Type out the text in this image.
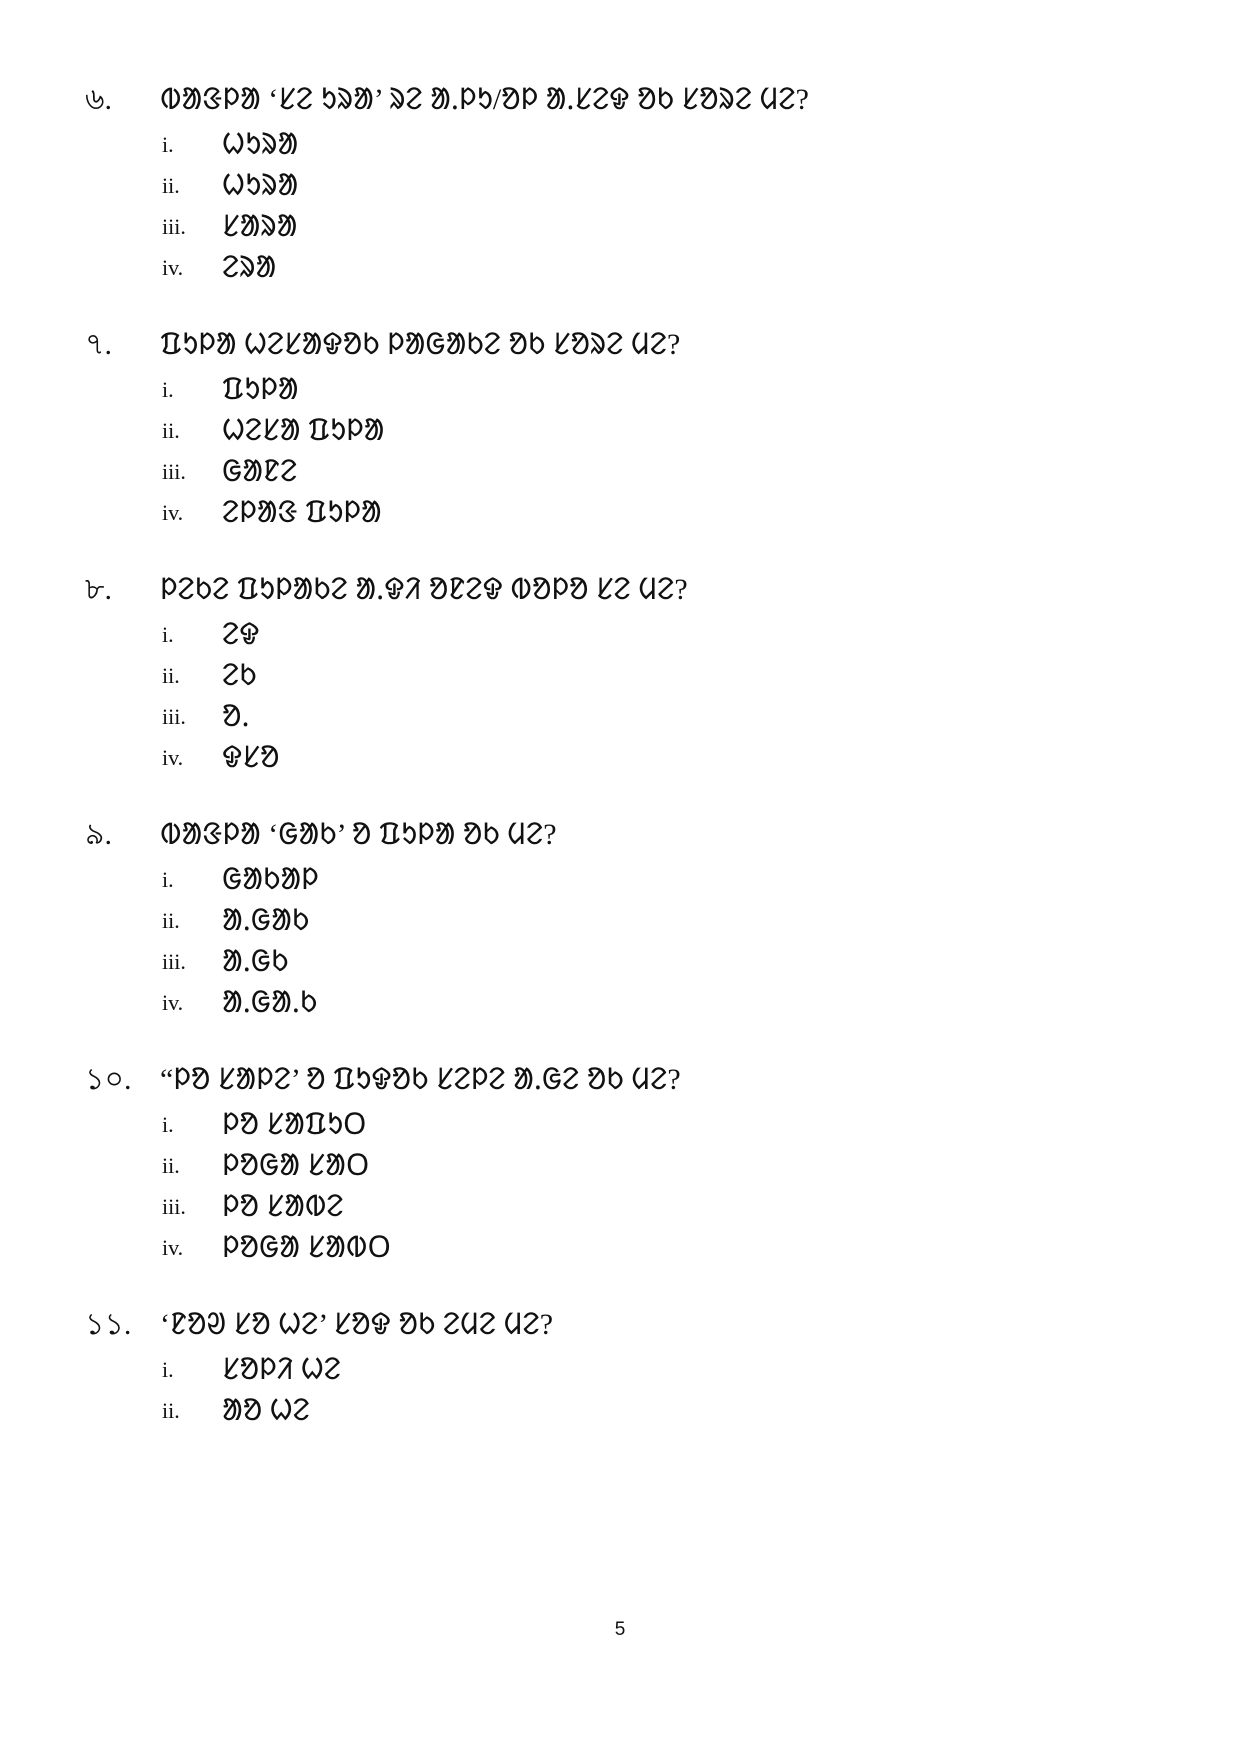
৬. ᱵᱟᱝᱞᱟ ‘ᱥᱮ ᱩᱨᱟ’ ᱨᱮ ᱟᱹᱞᱩ/ᱚᱞ ᱟᱹᱥᱮᱫ ᱚᱠ ᱥᱚᱨᱮ ᱢᱮ?
i. ᱦᱩᱨᱟ
ii. ᱦᱩᱨᱟ
iii. ᱥᱟᱨᱟ
iv. ᱮᱨᱟ
৭. ᱯᱩᱞᱟ ᱦᱮᱥᱟᱫᱚᱠ ᱞᱟᱜᱟᱠᱮ ᱚᱠ ᱥᱚᱨᱮ ᱢᱮ?
i. ᱯᱩᱞᱟ
ii. ᱦᱮᱥᱟ ᱯᱩᱞᱟ
iii. ᱜᱟᱱᱮ
iv. ᱮᱞᱟᱝ ᱯᱩᱞᱟ
৮. ᱞᱮᱠᱮ ᱯᱩᱞᱟᱠᱮ ᱟᱹᱫᱤ ᱚᱱᱮᱫ ᱵᱚᱞᱚ ᱥᱮ ᱢᱮ?
i. ᱮᱫ
ii. ᱮᱠ
iii. ᱚᱹ
iv. ᱫᱥᱚ
৯. ᱵᱟᱝᱞᱟ ‘ᱜᱟᱠ’ ᱚ ᱯᱩᱞᱟ ᱚᱠ ᱢᱮ?
i. ᱜᱟᱠᱟᱞ
ii. ᱟᱹᱜᱟᱠ
iii. ᱟᱹᱜᱠ
iv. ᱟᱹᱜᱟᱹᱠ
১০. “ᱞᱚ ᱥᱟᱞᱮ’ ᱚ ᱯᱩᱫᱚᱠ ᱥᱮᱞᱮ ᱟᱹᱜᱮ ᱚᱠ ᱢᱮ?
i. ᱞᱚ ᱥᱟᱯᱩᱛ
ii. ᱞᱚᱜᱟ ᱥᱟᱛ
iii. ᱞᱚ ᱥᱟᱵᱮ
iv. ᱞᱚᱜᱟ ᱥᱟᱵᱛ
১১. ‘ᱱᱚᱣ ᱥᱚ ᱦᱮ’ ᱥᱚᱫ ᱚᱠ ᱮᱢᱮ ᱢᱮ?
i. ᱥᱚᱞᱤ ᱦᱮ
ii. ᱟᱚ ᱦᱮ
5
